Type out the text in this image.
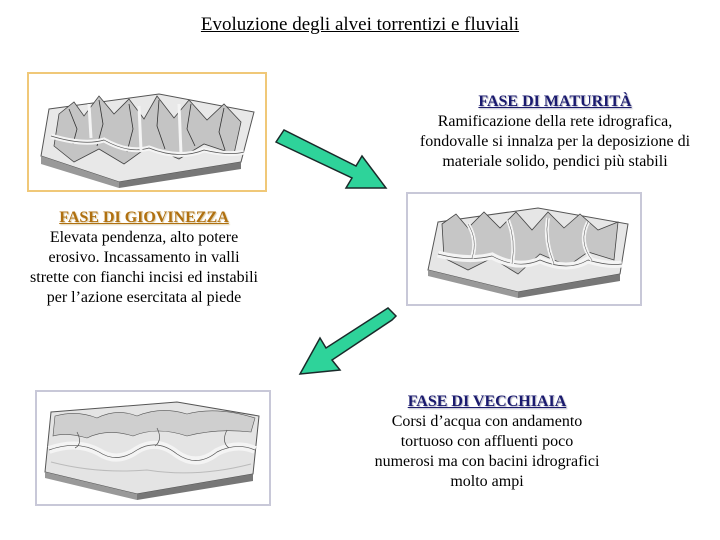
Evoluzione degli alvei torrentizi e fluviali
FASE DI MATURITÀ
Ramificazione della rete idrografica,
fondovalle si innalza per la deposizione di
materiale solido, pendici più stabili
FASE DI GIOVINEZZA
Elevata pendenza, alto potere
erosivo. Incassamento in valli
strette con fianchi incisi ed instabili
per l’azione esercitata al piede
FASE DI VECCHIAIA
Corsi d’acqua con andamento
tortuoso con affluenti poco
numerosi ma con bacini idrografici
molto ampi
